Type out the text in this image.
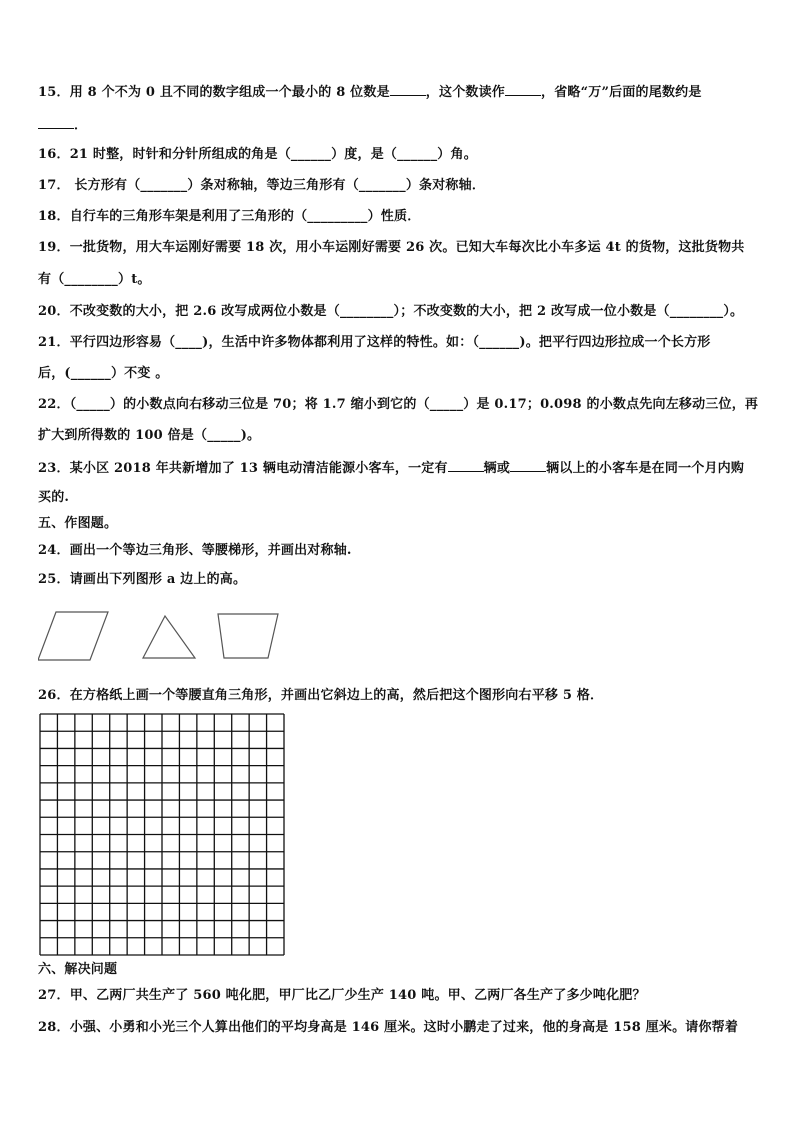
15．用 8 个不为 0 且不同的数字组成一个最小的 8 位数是	，这个数读作	，省略“万”后面的尾数约是
．
16．21 时整，时针和分针所组成的角是（______）度，是（______）角。
17． 长方形有（_______）条对称轴，等边三角形有（_______）条对称轴．
18．自行车的三角形车架是利用了三角形的（_________）性质．
19．一批货物，用大车运刚好需要 18 次，用小车运刚好需要 26 次。已知大车每次比小车多运 4t 的货物，这批货物共
有（________）t。
20．不改变数的大小，把 2.6 改写成两位小数是（________）；不改变数的大小，把 2 改写成一位小数是（________）。
21．平行四边形容易（____)，生活中许多物体都利用了这样的特性。如：（______)。把平行四边形拉成一个长方形
后，(______）不变 。
22．（_____）的小数点向右移动三位是 70；将 1.7 缩小到它的（_____）是 0.17；0.098 的小数点先向左移动三位，再
扩大到所得数的 100 倍是（_____)。
23．某小区 2018 年共新增加了 13 辆电动清洁能源小客车，一定有	辆或	辆以上的小客车是在同一个月内购
买的.
五、作图题。
24．画出一个等边三角形、等腰梯形，并画出对称轴.
25．请画出下列图形 a 边上的高。
26．在方格纸上画一个等腰直角三角形，并画出它斜边上的高，然后把这个图形向右平移 5 格．
六、解决问题
27．甲、乙两厂共生产了 560 吨化肥，甲厂比乙厂少生产 140 吨。甲、乙两厂各生产了多少吨化肥？
28．小强、小勇和小光三个人算出他们的平均身高是 146 厘米。这时小鹏走了过来，他的身高是 158 厘米。请你帮着
